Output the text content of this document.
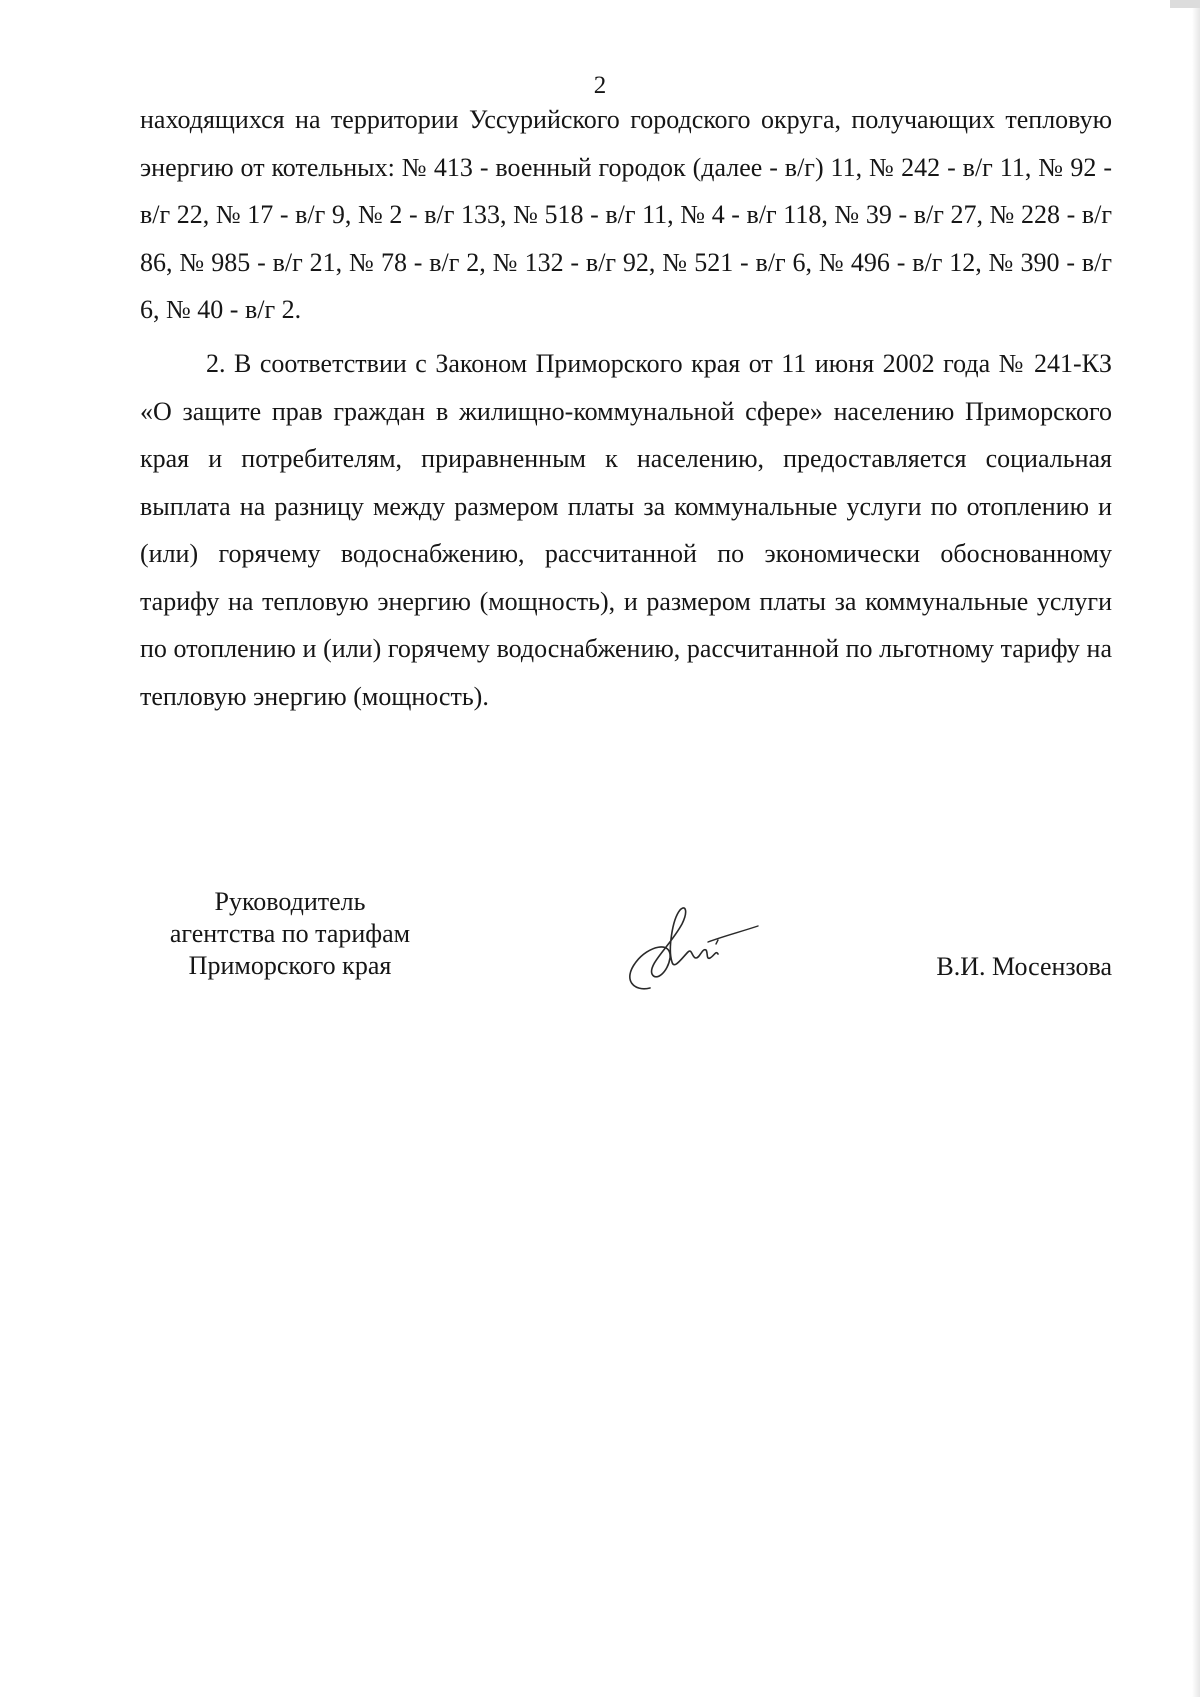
2
находящихся на территории Уссурийского городского округа, получающих тепловую энергию от котельных: № 413 - военный городок (далее - в/г) 11, № 242 - в/г 11, № 92 - в/г 22, № 17 - в/г 9, № 2 - в/г 133, № 518 - в/г 11, № 4 - в/г 118, № 39 - в/г 27, № 228 - в/г 86, № 985 - в/г 21, № 78 - в/г 2, № 132 - в/г 92, № 521 - в/г 6, № 496 - в/г 12, № 390 - в/г 6, № 40 - в/г 2.
2. В соответствии с Законом Приморского края от 11 июня 2002 года № 241-КЗ «О защите прав граждан в жилищно-коммунальной сфере» населению Приморского края и потребителям, приравненным к населению, предоставляется социальная выплата на разницу между размером платы за коммунальные услуги по отоплению и (или) горячему водоснабжению, рассчитанной по экономически обоснованному тарифу на тепловую энергию (мощность), и размером платы за коммунальные услуги по отоплению и (или) горячему водоснабжению, рассчитанной по льготному тарифу на тепловую энергию (мощность).
Руководитель
агентства по тарифам
Приморского края	В.И. Мосензова
